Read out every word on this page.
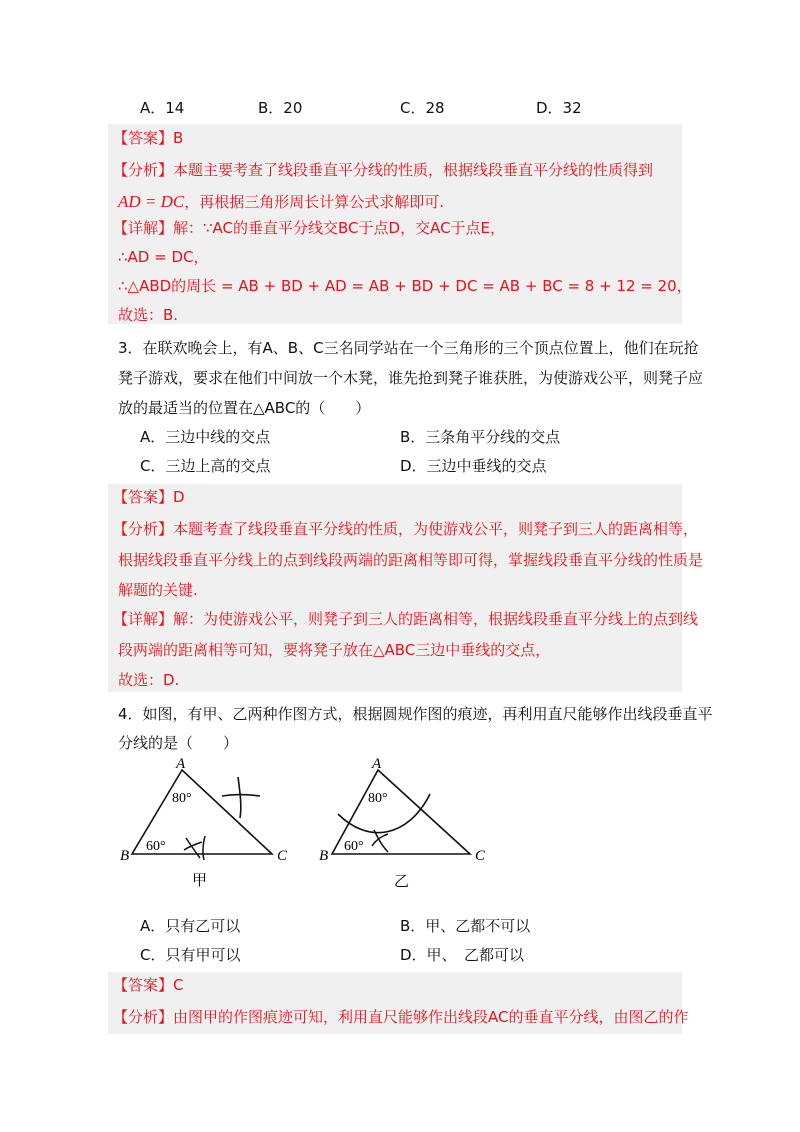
A．14	B．20	C．28	D．32
【答案】B
【分析】本题主要考查了线段垂直平分线的性质，根据线段垂直平分线的性质得到
AD = DC，再根据三角形周长计算公式求解即可.
【详解】解：∵AC的垂直平分线交BC于点D，交AC于点E，
∴AD = DC，
∴△ABD的周长 = AB + BD + AD = AB + BD + DC = AB + BC = 8 + 12 = 20，
故选：B.
3．在联欢晚会上，有A、B、C三名同学站在一个三角形的三个顶点位置上，他们在玩抢
凳子游戏，要求在他们中间放一个木凳，谁先抢到凳子谁获胜，为使游戏公平，则凳子应
放的最适当的位置在△ABC的（　　）
A．三边中线的交点	B．三条角平分线的交点
C．三边上高的交点	D．三边中垂线的交点
【答案】D
【分析】本题考查了线段垂直平分线的性质，为使游戏公平，则凳子到三人的距离相等，
根据线段垂直平分线上的点到线段两端的距离相等即可得，掌握线段垂直平分线的性质是
解题的关键.
【详解】解：为使游戏公平，则凳子到三人的距离相等，根据线段垂直平分线上的点到线
段两端的距离相等可知，要将凳子放在△ABC三边中垂线的交点，
故选：D.
4．如图，有甲、乙两种作图方式，根据圆规作图的痕迹，再利用直尺能够作出线段垂直平
分线的是（　　）
A
B	C
80°
60°
甲
A
B	C
80°
60°
乙
A．只有乙可以	B．甲、乙都不可以
C．只有甲可以	D．甲、　乙都可以
【答案】C
【分析】由图甲的作图痕迹可知，利用直尺能够作出线段AC的垂直平分线，由图乙的作
